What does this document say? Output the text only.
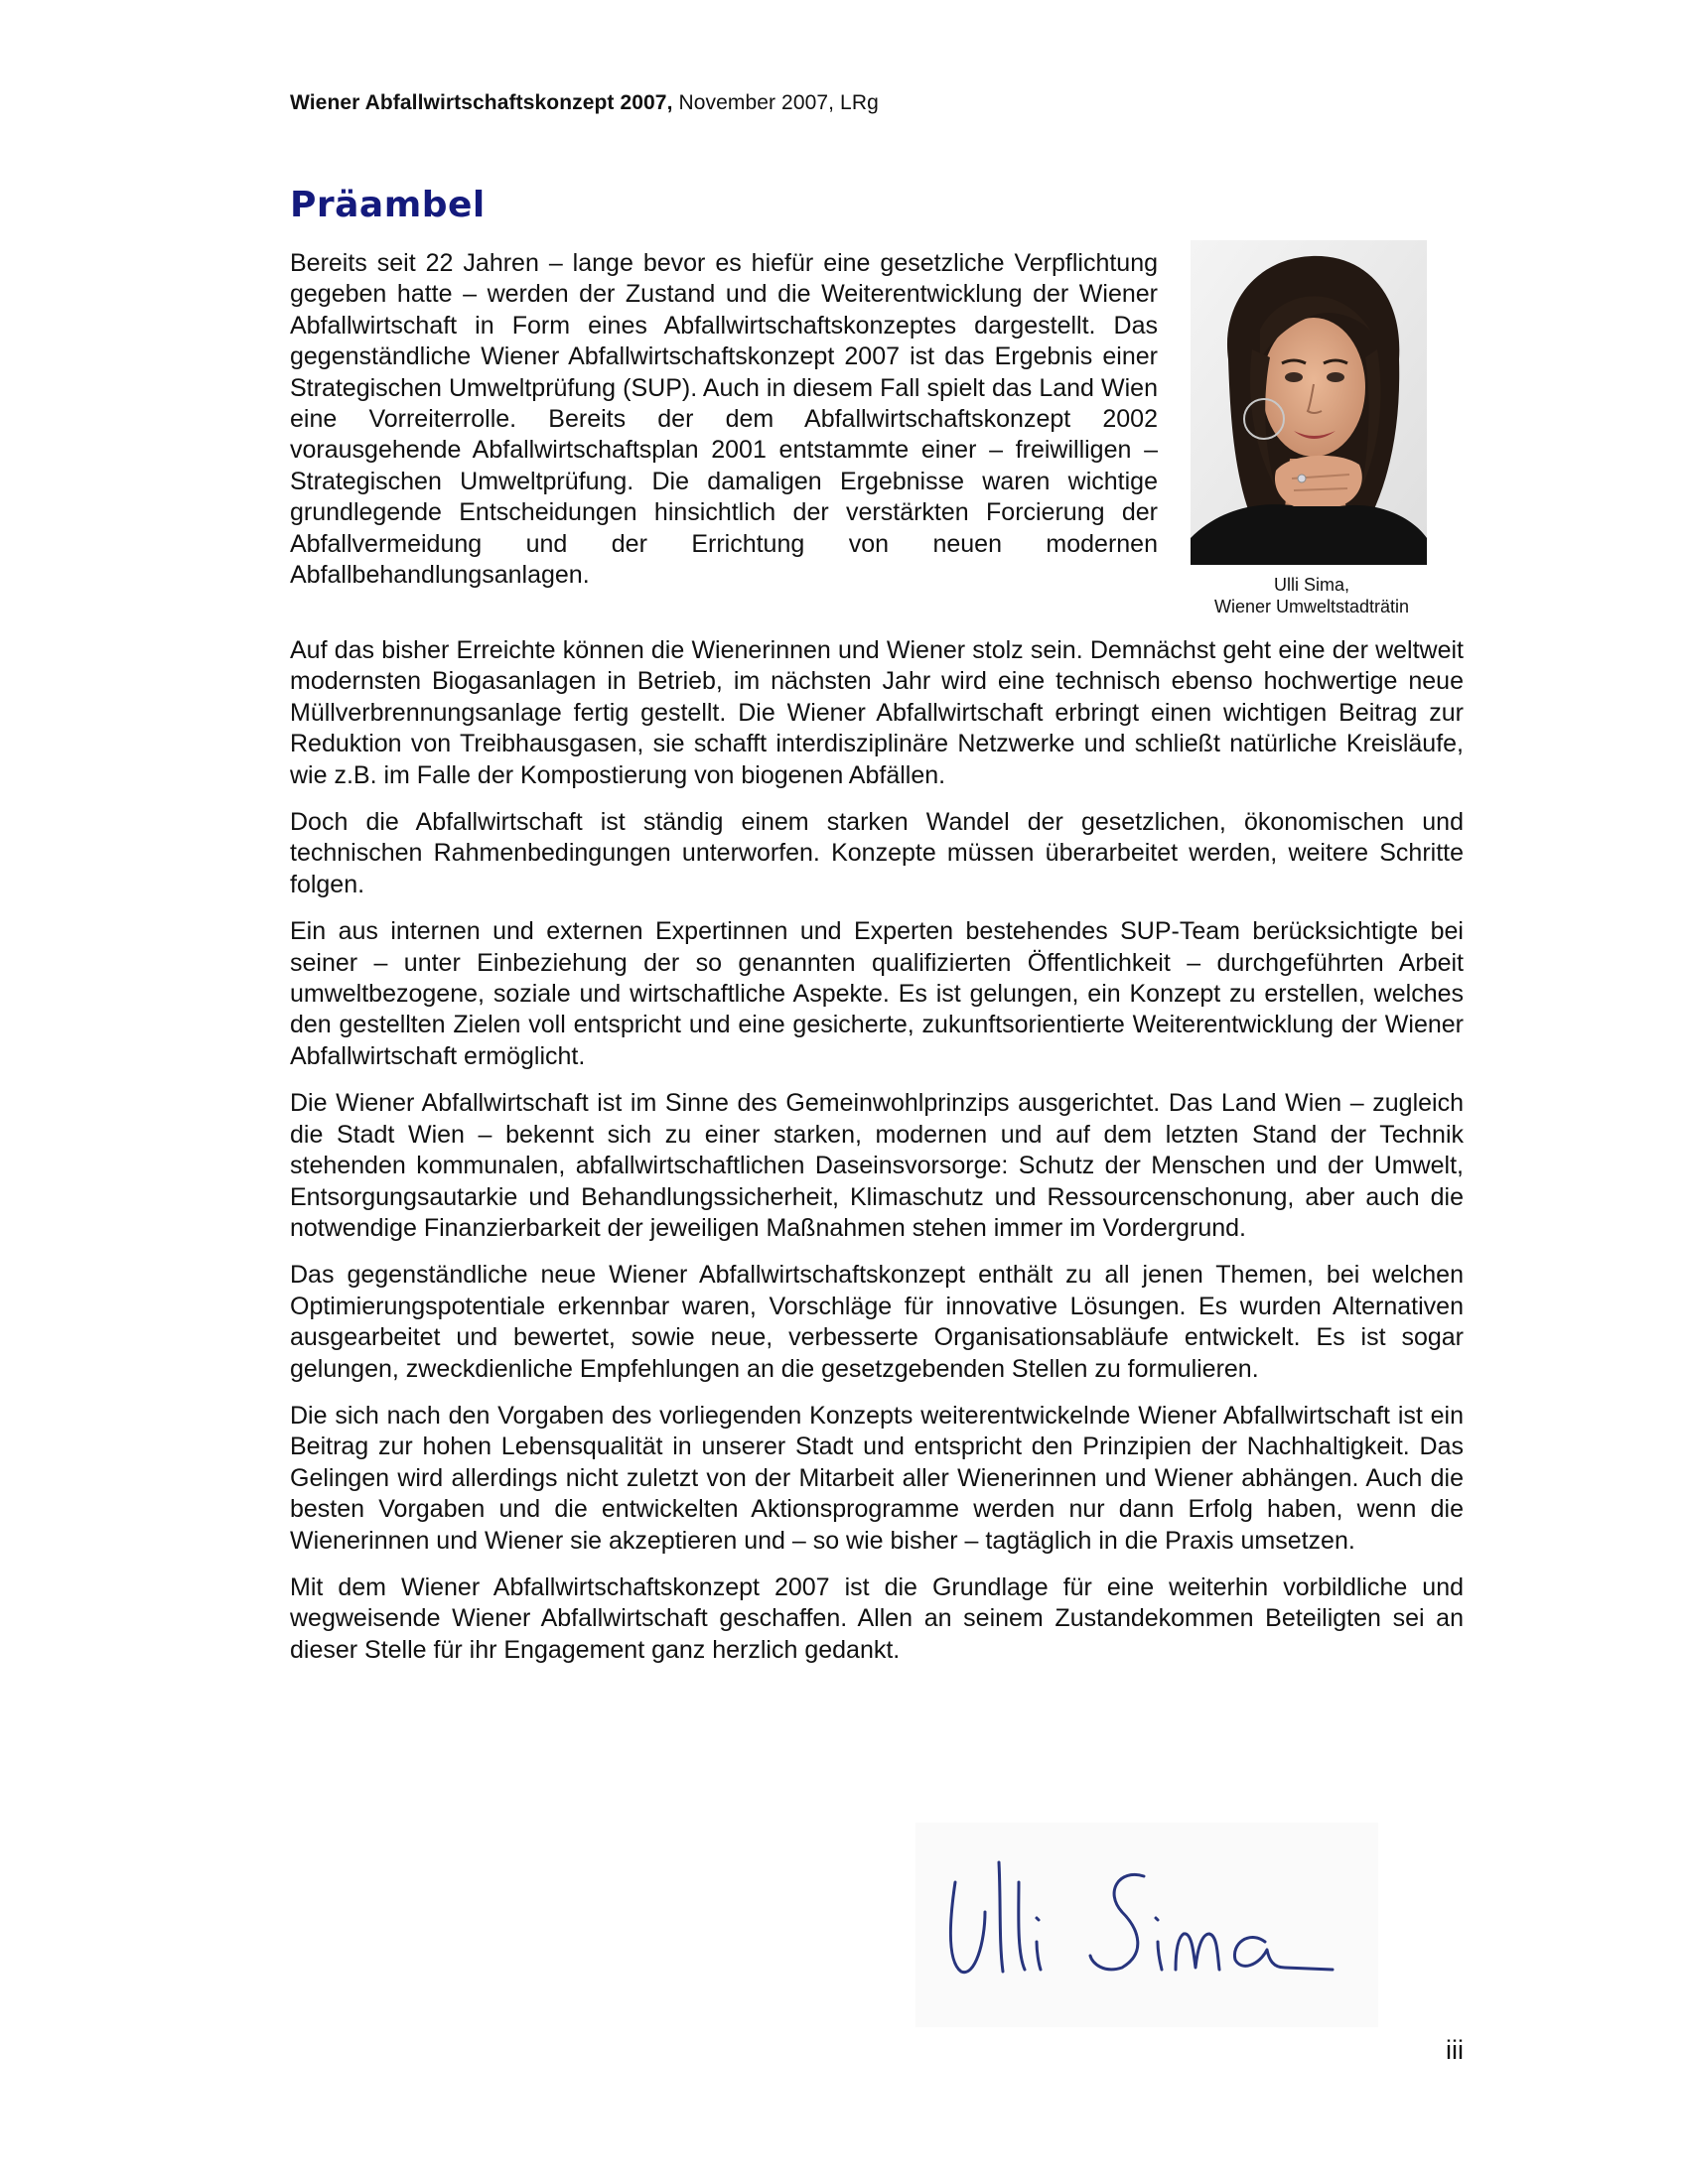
Wiener Abfallwirtschaftskonzept 2007, November 2007, LRg
Präambel

Bereits seit 22 Jahren – lange bevor es hiefür eine gesetzliche Verpflichtung gegeben hatte – werden der Zustand und die Weiterentwicklung der Wiener Abfallwirtschaft in Form eines Abfallwirtschaftskonzeptes dargestellt. Das gegenständliche Wiener Abfallwirtschaftskonzept 2007 ist das Ergebnis einer Strategischen Umweltprüfung (SUP). Auch in diesem Fall spielt das Land Wien eine Vorreiterrolle. Bereits der dem Abfallwirtschaftskonzept 2002 vorausgehende Abfallwirtschaftsplan 2001 entstammte einer – freiwilligen – Strategischen Umweltprüfung. Die damaligen Ergebnisse waren wichtige grundlegende Entscheidungen hinsichtlich der verstärkten Forcierung der Abfallvermeidung und der Errichtung von neuen modernen Abfallbehandlungsanlagen.	Ulli Sima,
Wiener Umweltstadträtin

Auf das bisher Erreichte können die Wienerinnen und Wiener stolz sein. Demnächst geht eine der weltweit modernsten Biogasanlagen in Betrieb, im nächsten Jahr wird eine technisch ebenso hochwertige neue Müllverbrennungsanlage fertig gestellt. Die Wiener Abfallwirtschaft erbringt einen wichtigen Beitrag zur Reduktion von Treibhausgasen, sie schafft interdisziplinäre Netzwerke und schließt natürliche Kreisläufe, wie z.B. im Falle der Kompostierung von biogenen Abfällen.

Doch die Abfallwirtschaft ist ständig einem starken Wandel der gesetzlichen, ökonomischen und technischen Rahmenbedingungen unterworfen. Konzepte müssen überarbeitet werden, weitere Schritte folgen.

Ein aus internen und externen Expertinnen und Experten bestehendes SUP-Team berücksichtigte bei seiner – unter Einbeziehung der so genannten qualifizierten Öffentlichkeit – durchgeführten Arbeit umweltbezogene, soziale und wirtschaftliche Aspekte. Es ist gelungen, ein Konzept zu erstellen, welches den gestellten Zielen voll entspricht und eine gesicherte, zukunftsorientierte Weiterentwicklung der Wiener Abfallwirtschaft ermöglicht.

Die Wiener Abfallwirtschaft ist im Sinne des Gemeinwohlprinzips ausgerichtet. Das Land Wien – zugleich die Stadt Wien – bekennt sich zu einer starken, modernen und auf dem letzten Stand der Technik stehenden kommunalen, abfallwirtschaftlichen Daseinsvorsorge: Schutz der Menschen und der Umwelt, Entsorgungsautarkie und Behandlungssicherheit, Klimaschutz und Ressourcenschonung, aber auch die notwendige Finanzierbarkeit der jeweiligen Maßnahmen stehen immer im Vordergrund.

Das gegenständliche neue Wiener Abfallwirtschaftskonzept enthält zu all jenen Themen, bei welchen Optimierungspotentiale erkennbar waren, Vorschläge für innovative Lösungen. Es wurden Alternativen ausgearbeitet und bewertet, sowie neue, verbesserte Organisationsabläufe entwickelt. Es ist sogar gelungen, zweckdienliche Empfehlungen an die gesetzgebenden Stellen zu formulieren.

Die sich nach den Vorgaben des vorliegenden Konzepts weiterentwickelnde Wiener Abfallwirtschaft ist ein Beitrag zur hohen Lebensqualität in unserer Stadt und entspricht den Prinzipien der Nachhaltigkeit. Das Gelingen wird allerdings nicht zuletzt von der Mitarbeit aller Wienerinnen und Wiener abhängen. Auch die besten Vorgaben und die entwickelten Aktionsprogramme werden nur dann Erfolg haben, wenn die Wienerinnen und Wiener sie akzeptieren und – so wie bisher – tagtäglich in die Praxis umsetzen.

Mit dem Wiener Abfallwirtschaftskonzept 2007 ist die Grundlage für eine weiterhin vorbildliche und wegweisende Wiener Abfallwirtschaft geschaffen. Allen an seinem Zustandekommen Beteiligten sei an dieser Stelle für ihr Engagement ganz herzlich gedankt.

iii
